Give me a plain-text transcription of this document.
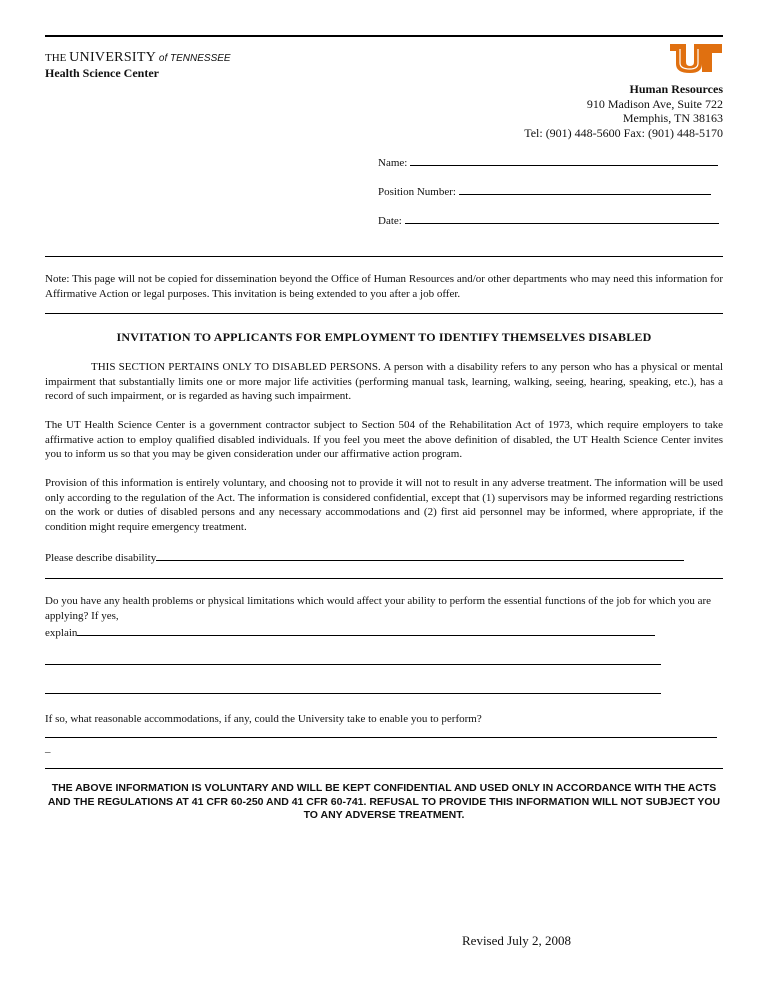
THE UNIVERSITY of TENNESSEE
Health Science Center
Human Resources
910 Madison Ave, Suite 722
Memphis, TN 38163
Tel: (901) 448-5600 Fax: (901) 448-5170
Name:
Position Number:
Date:
Note: This page will not be copied for dissemination beyond the Office of Human Resources and/or other departments who may need this information for Affirmative Action or legal purposes. This invitation is being extended to you after a job offer.
INVITATION TO APPLICANTS FOR EMPLOYMENT TO IDENTIFY THEMSELVES DISABLED
THIS SECTION PERTAINS ONLY TO DISABLED PERSONS. A person with a disability refers to any person who has a physical or mental impairment that substantially limits one or more major life activities (performing manual task, learning, walking, seeing, hearing, speaking, etc.), has a record of such impairment, or is regarded as having such impairment.
The UT Health Science Center is a government contractor subject to Section 504 of the Rehabilitation Act of 1973, which require employers to take affirmative action to employ qualified disabled individuals. If you feel you meet the above definition of disabled, the UT Health Science Center invites you to inform us so that you may be given consideration under our affirmative action program.
Provision of this information is entirely voluntary, and choosing not to provide it will not to result in any adverse treatment. The information will be used only according to the regulation of the Act. The information is considered confidential, except that (1) supervisors may be informed regarding restrictions on the work or duties of disabled persons and any necessary accommodations and (2) first aid personnel may be informed, where appropriate, if the condition might require emergency treatment.
Please describe disability
Do you have any health problems or physical limitations which would affect your ability to perform the essential functions of the job for which you are applying? If yes,
explain
If so, what reasonable accommodations, if any, could the University take to enable you to perform?
_
THE ABOVE INFORMATION IS VOLUNTARY AND WILL BE KEPT CONFIDENTIAL AND USED ONLY IN ACCORDANCE WITH THE ACTS AND THE REGULATIONS AT 41 CFR 60-250 AND 41 CFR 60-741. REFUSAL TO PROVIDE THIS INFORMATION WILL NOT SUBJECT YOU TO ANY ADVERSE TREATMENT.
Revised July 2, 2008
